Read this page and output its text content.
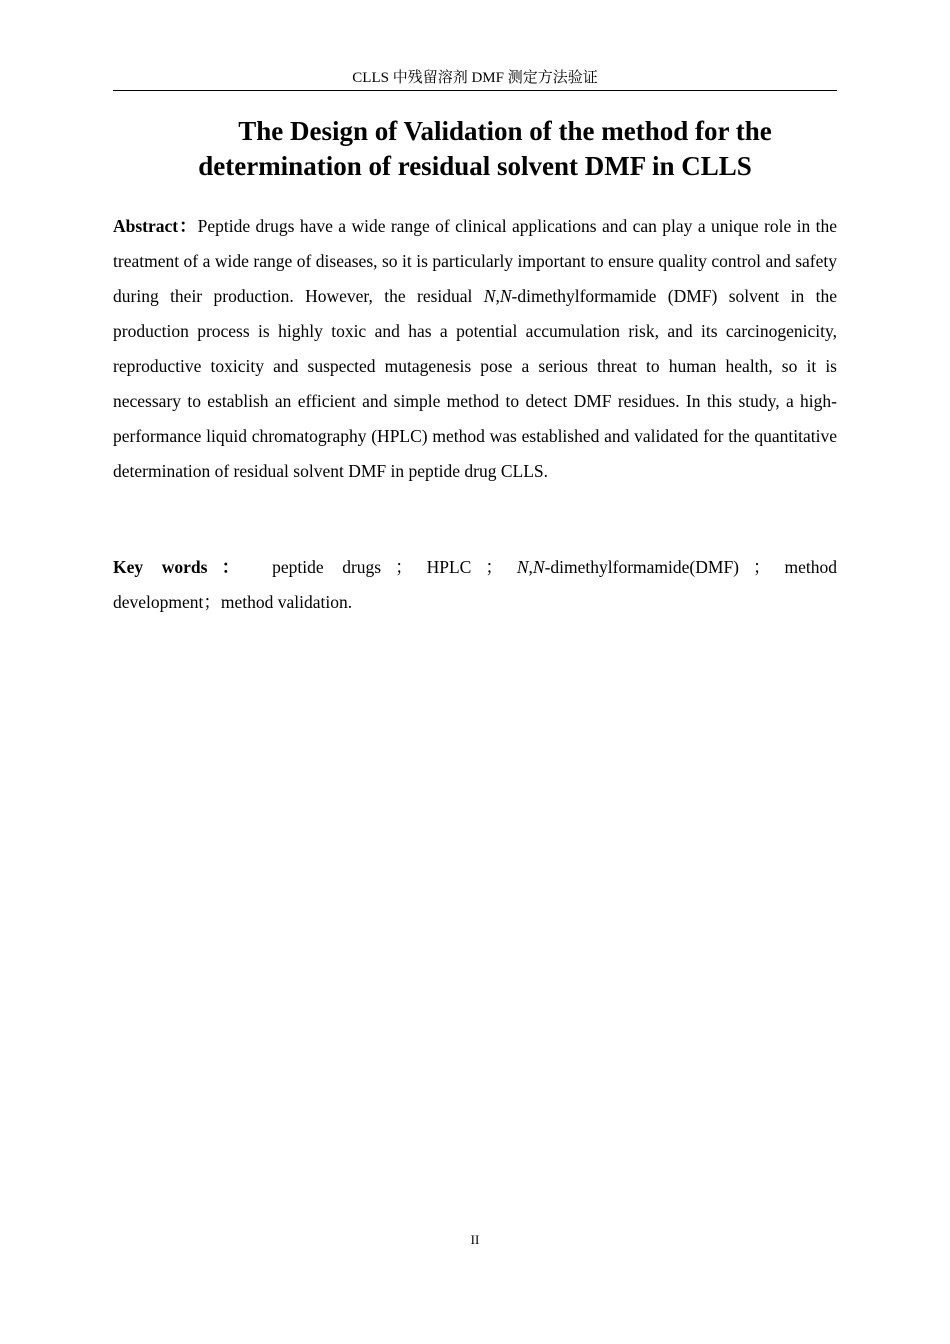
CLLS 中残留溶剂 DMF 测定方法验证
The Design of Validation of the method for the
determination of residual solvent DMF in CLLS

Abstract：Peptide drugs have a wide range of clinical applications and can play a unique role in the treatment of a wide range of diseases, so it is particularly important to ensure quality control and safety during their production. However, the residual N,N-dimethylformamide (DMF) solvent in the production process is highly toxic and has a potential accumulation risk, and its carcinogenicity, reproductive toxicity and suspected mutagenesis pose a serious threat to human health, so it is necessary to establish an efficient and simple method to detect DMF residues. In this study, a high-performance liquid chromatography (HPLC) method was established and validated for the quantitative determination of residual solvent DMF in peptide drug CLLS.

Key words： peptide drugs ； HPLC ； N,N-dimethylformamide(DMF) ； method development；method validation.

II
